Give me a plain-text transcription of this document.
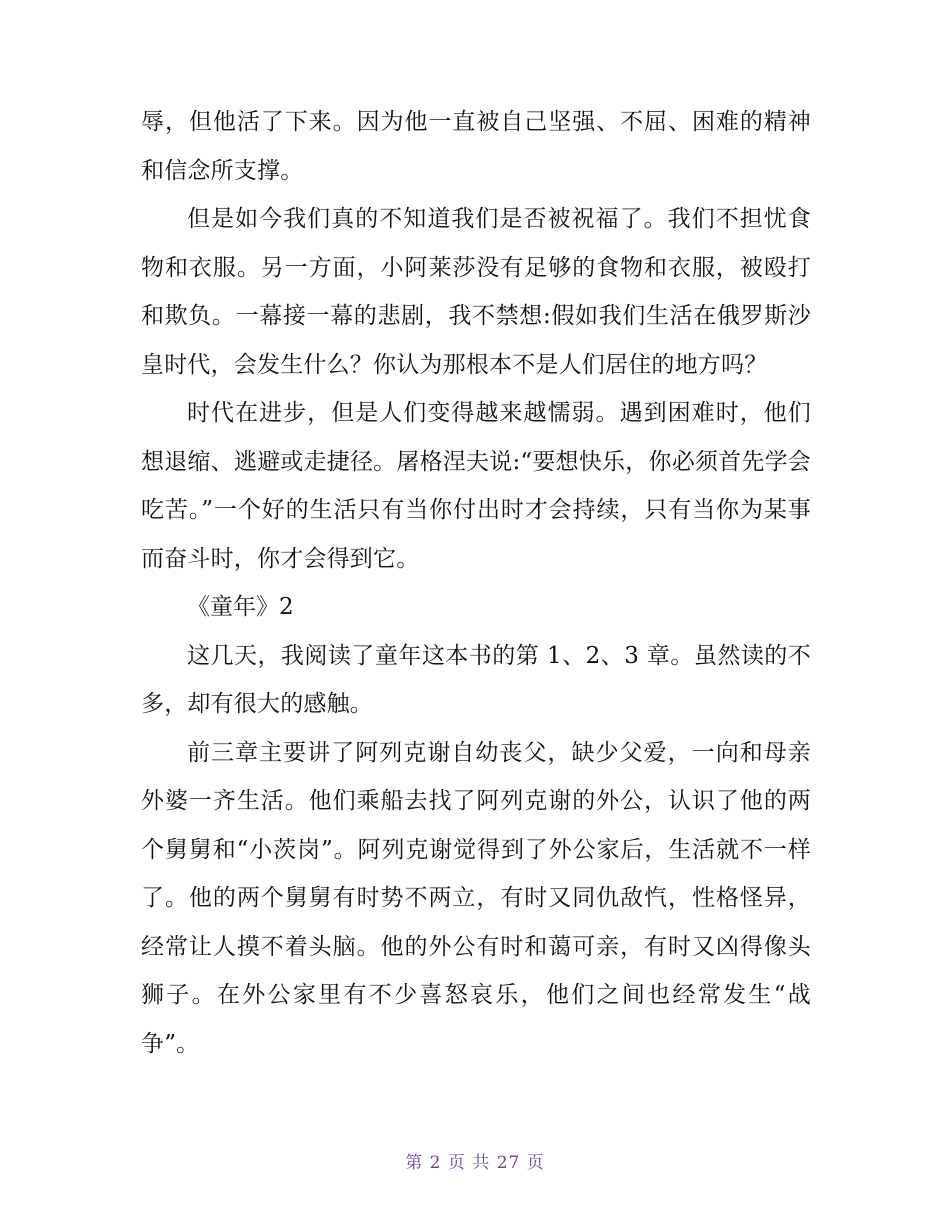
辱，但他活了下来。因为他一直被自己坚强、不屈、困难的精神和信念所支撑。

但是如今我们真的不知道我们是否被祝福了。我们不担忧食物和衣服。另一方面，小阿莱莎没有足够的食物和衣服，被殴打和欺负。一幕接一幕的悲剧，我不禁想:假如我们生活在俄罗斯沙皇时代，会发生什么？你认为那根本不是人们居住的地方吗？

时代在进步，但是人们变得越来越懦弱。遇到困难时，他们想退缩、逃避或走捷径。屠格涅夫说:“要想快乐，你必须首先学会吃苦。”一个好的生活只有当你付出时才会持续，只有当你为某事而奋斗时，你才会得到它。

《童年》2

这几天，我阅读了童年这本书的第 1、2、3 章。虽然读的不多，却有很大的感触。

前三章主要讲了阿列克谢自幼丧父，缺少父爱，一向和母亲外婆一齐生活。他们乘船去找了阿列克谢的外公，认识了他的两个舅舅和“小茨岗”。阿列克谢觉得到了外公家后，生活就不一样了。他的两个舅舅有时势不两立，有时又同仇敌忾，性格怪异，经常让人摸不着头脑。他的外公有时和蔼可亲，有时又凶得像头狮子。在外公家里有不少喜怒哀乐，他们之间也经常发生“战争”。

第 2 页 共 27 页
